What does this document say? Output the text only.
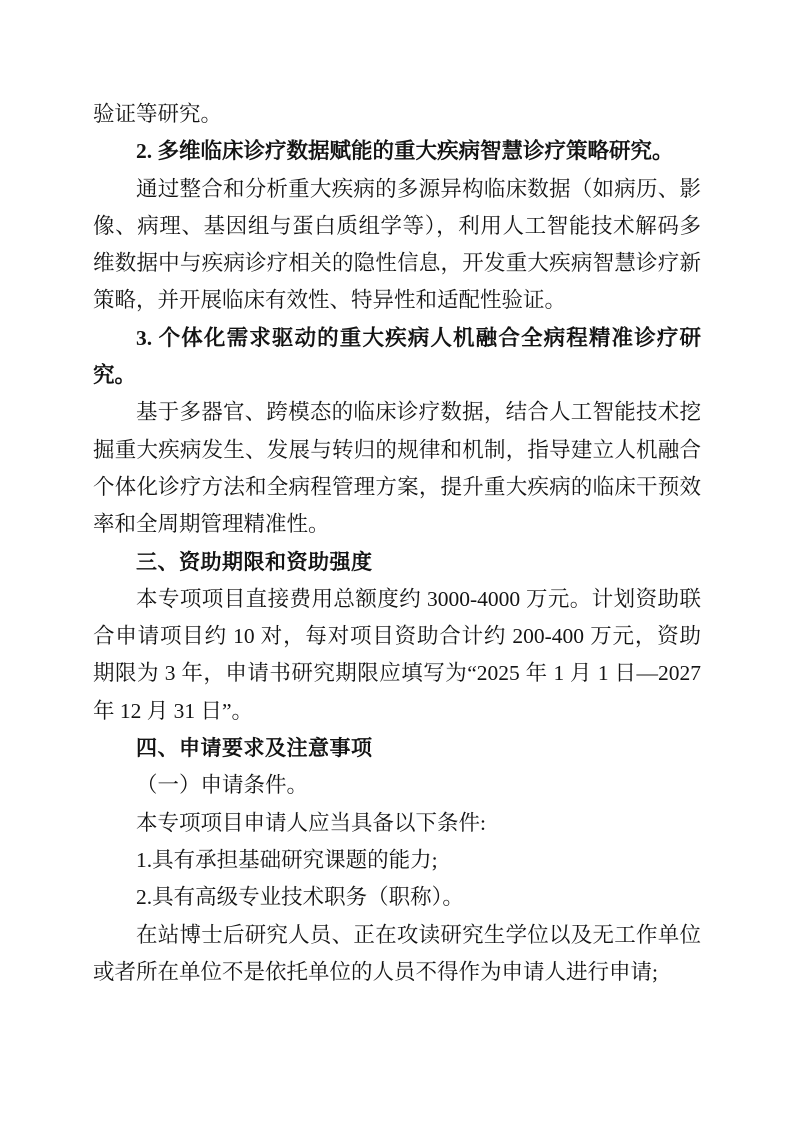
验证等研究。

2. 多维临床诊疗数据赋能的重大疾病智慧诊疗策略研究。

通过整合和分析重大疾病的多源异构临床数据（如病历、影像、病理、基因组与蛋白质组学等），利用人工智能技术解码多维数据中与疾病诊疗相关的隐性信息，开发重大疾病智慧诊疗新策略，并开展临床有效性、特异性和适配性验证。

3. 个体化需求驱动的重大疾病人机融合全病程精准诊疗研究。

基于多器官、跨模态的临床诊疗数据，结合人工智能技术挖掘重大疾病发生、发展与转归的规律和机制，指导建立人机融合个体化诊疗方法和全病程管理方案，提升重大疾病的临床干预效率和全周期管理精准性。

三、资助期限和资助强度

本专项项目直接费用总额度约 3000-4000 万元。计划资助联合申请项目约 10 对，每对项目资助合计约 200-400 万元，资助期限为 3 年，申请书研究期限应填写为“2025 年 1 月 1 日—2027 年 12 月 31 日”。

四、申请要求及注意事项

（一）申请条件。

本专项项目申请人应当具备以下条件:

1.具有承担基础研究课题的能力;

2.具有高级专业技术职务（职称）。

在站博士后研究人员、正在攻读研究生学位以及无工作单位或者所在单位不是依托单位的人员不得作为申请人进行申请;
